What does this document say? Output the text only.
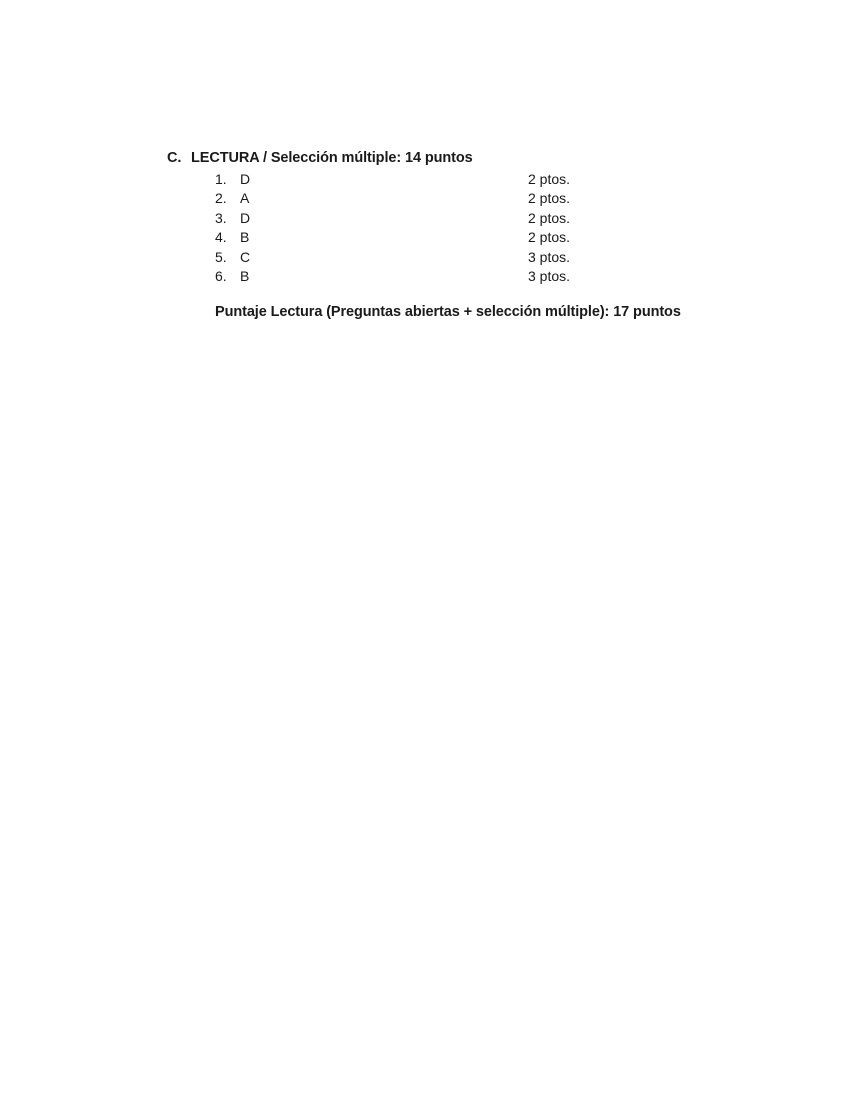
C. LECTURA / Selección múltiple: 14 puntos
1. D	2 ptos.
2. A	2 ptos.
3. D	2 ptos.
4. B	2 ptos.
5. C	3 ptos.
6. B	3 ptos.
Puntaje Lectura (Preguntas abiertas + selección múltiple): 17 puntos
